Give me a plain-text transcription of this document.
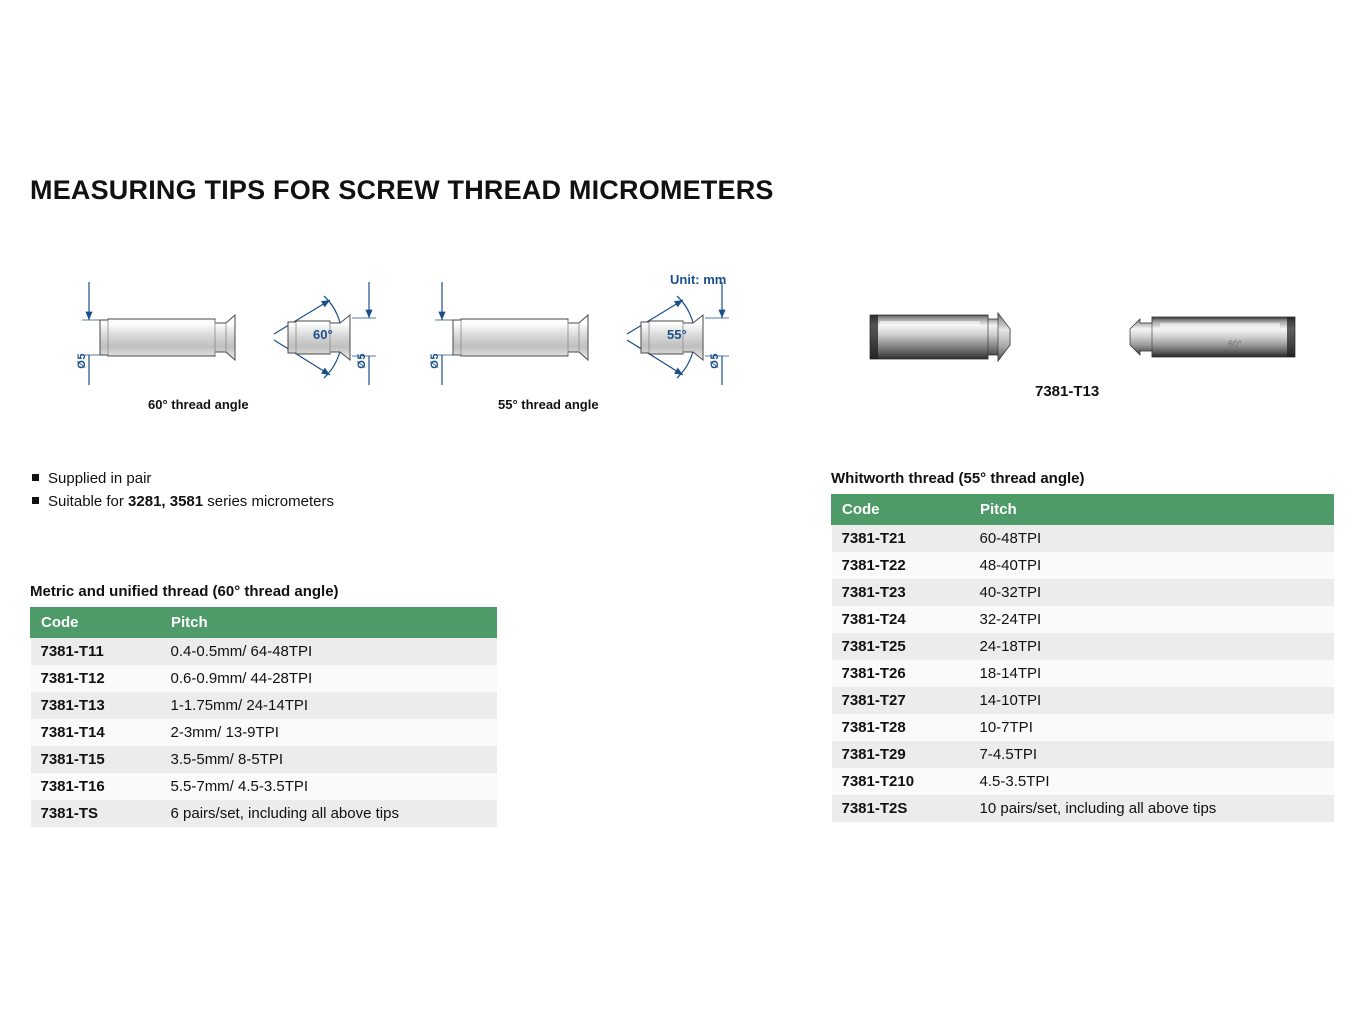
MEASURING TIPS FOR SCREW THREAD MICROMETERS
Unit: mm
Ø5	Ø5	Ø5	Ø5
60°	55°
60° thread angle	55° thread angle
60°
7381-T13
Supplied in pair
Suitable for 3281, 3581 series micrometers
Metric and unified thread (60° thread angle)
Code	Pitch
7381-T11	0.4-0.5mm/ 64-48TPI
7381-T12	0.6-0.9mm/ 44-28TPI
7381-T13	1-1.75mm/ 24-14TPI
7381-T14	2-3mm/ 13-9TPI
7381-T15	3.5-5mm/ 8-5TPI
7381-T16	5.5-7mm/ 4.5-3.5TPI
7381-TS	6 pairs/set, including all above tips
Whitworth thread (55° thread angle)
Code	Pitch
7381-T21	60-48TPI
7381-T22	48-40TPI
7381-T23	40-32TPI
7381-T24	32-24TPI
7381-T25	24-18TPI
7381-T26	18-14TPI
7381-T27	14-10TPI
7381-T28	10-7TPI
7381-T29	7-4.5TPI
7381-T210	4.5-3.5TPI
7381-T2S	10 pairs/set, including all above tips
